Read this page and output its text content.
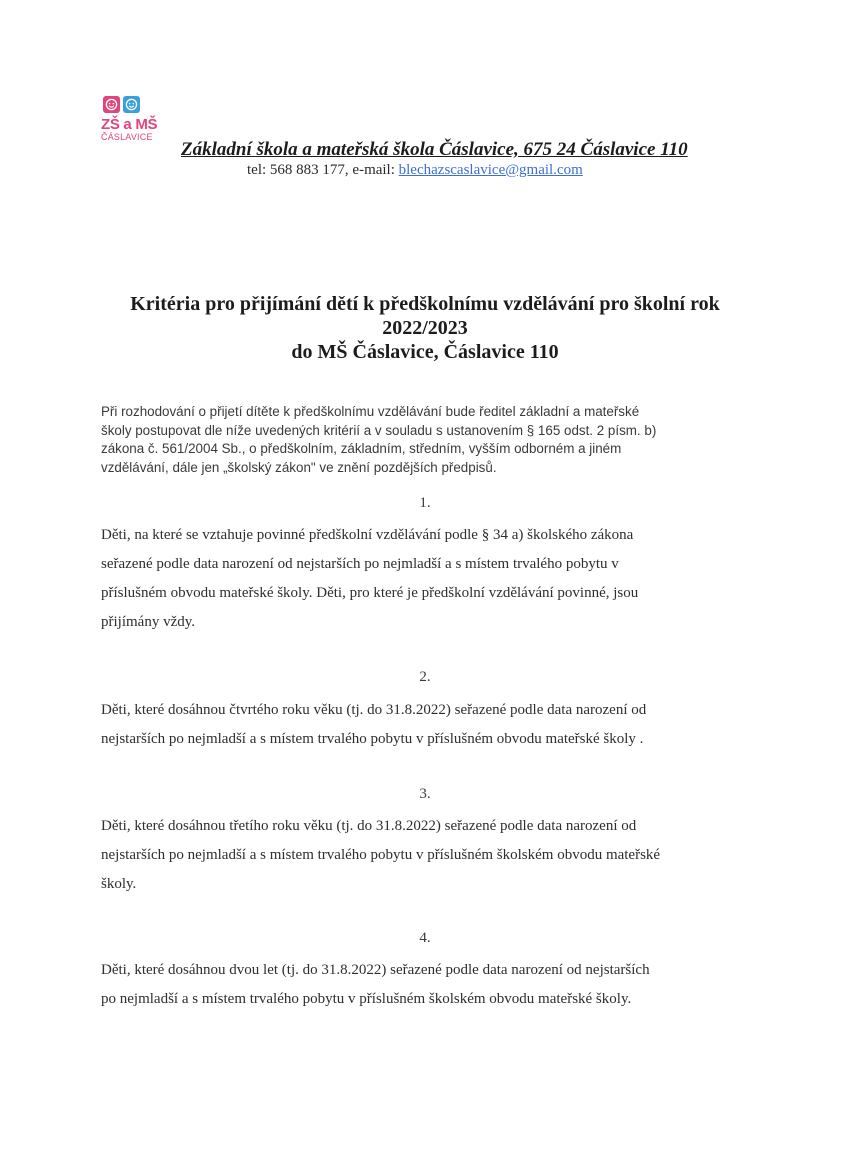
ZŠ a MŠ
ČÁSLAVICE
Základní škola a mateřská škola Čáslavice, 675 24 Čáslavice 110
tel: 568 883 177, e-mail: blechazscaslavice@gmail.com
Kritéria pro přijímání dětí k předškolnímu vzdělávání pro školní rok
2022/2023
do MŠ Čáslavice, Čáslavice 110
Při rozhodování o přijetí dítěte k předškolnímu vzdělávání bude ředitel základní a mateřské
školy postupovat dle níže uvedených kritérií a v souladu s ustanovením § 165 odst. 2 písm. b)
zákona č. 561/2004 Sb., o předškolním, základním, středním, vyšším odborném a jiném
vzdělávání, dále jen „školský zákon" ve znění pozdějších předpisů.
1.
Děti, na které se vztahuje povinné předškolní vzdělávání podle § 34 a) školského zákona
seřazené podle data narození od nejstarších po nejmladší a s místem trvalého pobytu v
příslušném obvodu mateřské školy. Děti, pro které je předškolní vzdělávání povinné, jsou
přijímány vždy.
2.
Děti, které dosáhnou čtvrtého roku věku (tj. do 31.8.2022) seřazené podle data narození od
nejstarších po nejmladší a s místem trvalého pobytu v příslušném obvodu mateřské školy .
3.
Děti, které dosáhnou třetího roku věku (tj. do 31.8.2022) seřazené podle data narození od
nejstarších po nejmladší a s místem trvalého pobytu v příslušném školském obvodu mateřské
školy.
4.
Děti, které dosáhnou dvou let (tj. do 31.8.2022) seřazené podle data narození od nejstarších
po nejmladší a s místem trvalého pobytu v příslušném školském obvodu mateřské školy.
